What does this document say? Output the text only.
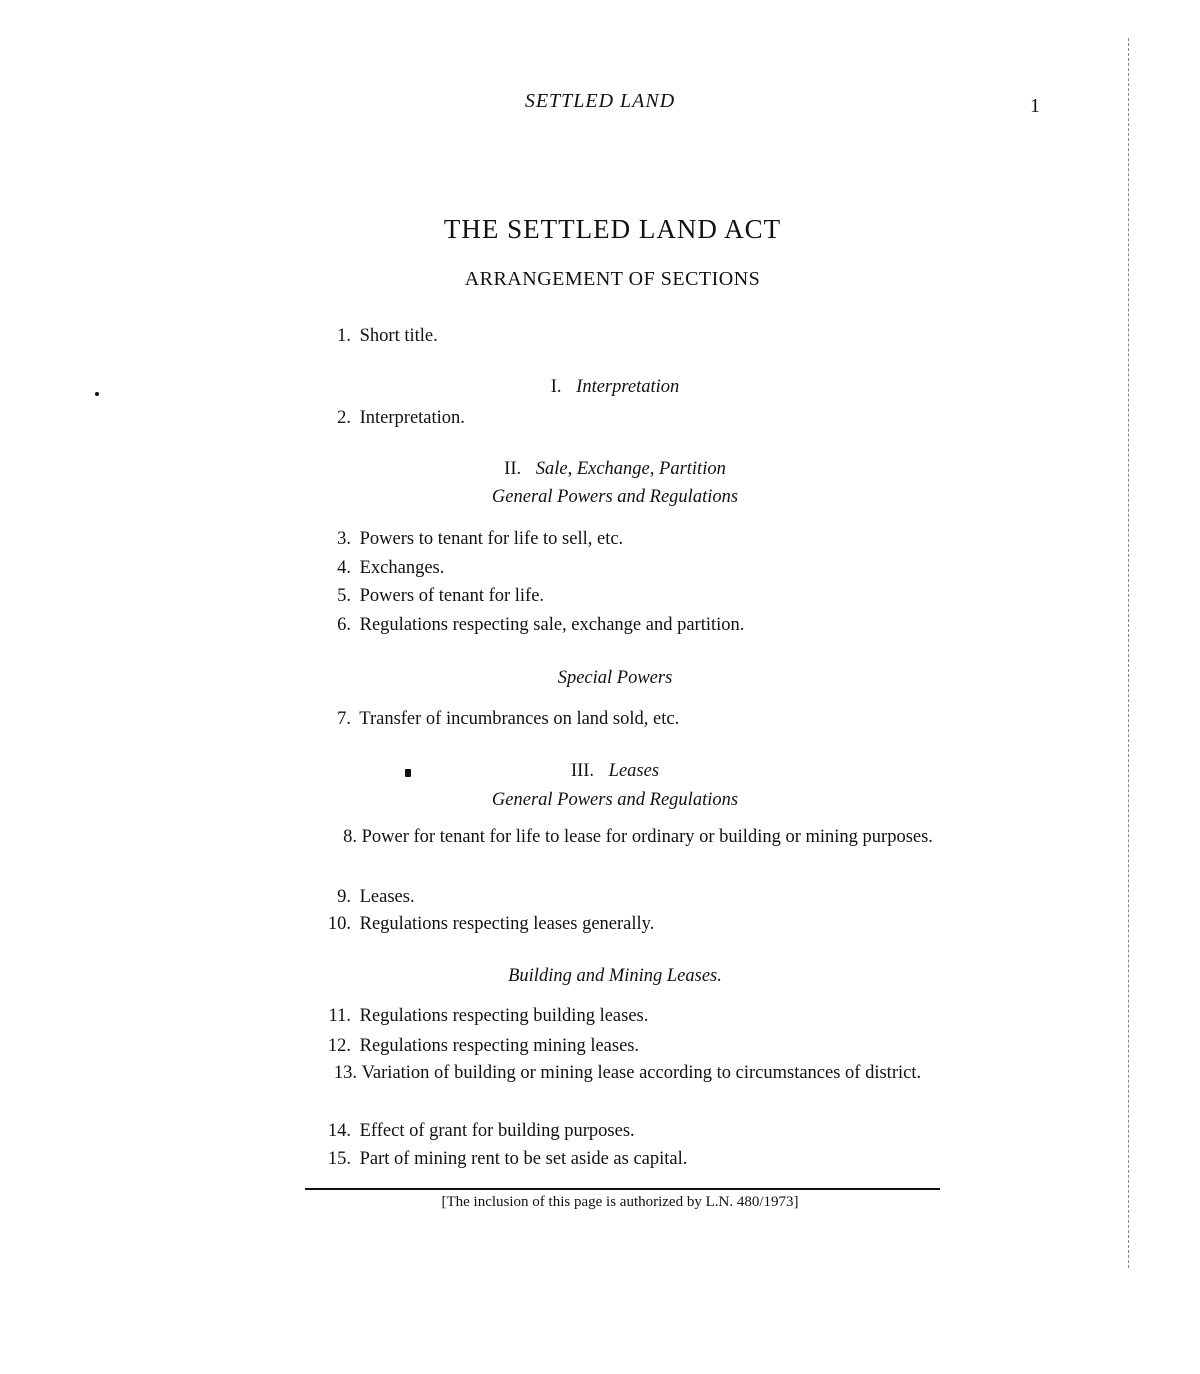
SETTLED LAND	1
THE SETTLED LAND ACT
ARRANGEMENT OF SECTIONS
1. Short title.
I. Interpretation
2. Interpretation.
II. Sale, Exchange, Partition
General Powers and Regulations
3. Powers to tenant for life to sell, etc.
4. Exchanges.
5. Powers of tenant for life.
6. Regulations respecting sale, exchange and partition.
Special Powers
7. Transfer of incumbrances on land sold, etc.
III. Leases
General Powers and Regulations
8. Power for tenant for life to lease for ordinary or building or mining purposes.
9. Leases.
10. Regulations respecting leases generally.
Building and Mining Leases.
11. Regulations respecting building leases.
12. Regulations respecting mining leases.
13. Variation of building or mining lease according to circumstances of district.
14. Effect of grant for building purposes.
15. Part of mining rent to be set aside as capital.
[The inclusion of this page is authorized by L.N. 480/1973]
